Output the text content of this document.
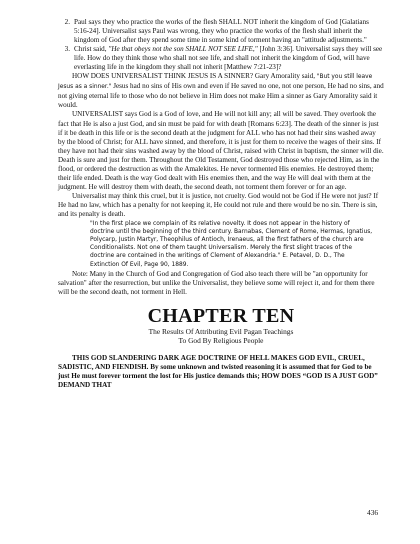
2. Paul says they who practice the works of the flesh SHALL NOT inherit the kingdom of God [Galatians 5:16-24]. Universalist says Paul was wrong, they who practice the works of the flesh shall inherit the kingdom of God after they spend some time in some kind of torment having an "attitude adjustments."
3. Christ said, "He that obeys not the son SHALL NOT SEE LIFE," [John 3:36]. Universalist says they will see life. How do they think those who shall not see life, and shall not inherit the kingdom of God, will have everlasting life in the kingdom they shall not inherit [Matthew 7:21-23]?

HOW DOES UNIVERSALIST THINK JESUS IS A SINNER? Gary Amorality said, "But you still leave Jesus as a sinner." Jesus had no sins of His own and even if He saved no one, not one person, He had no sins, and not giving eternal life to those who do not believe in Him does not make Him a sinner as Gary Amorality said it would.

UNIVERSALIST says God is a God of love, and He will not kill any; all will be saved. They overlook the fact that He is also a just God, and sin must be paid for with death [Romans 6:23]. The death of the sinner is just if it be death in this life or is the second death at the judgment for ALL who has not had their sins washed away by the blood of Christ; for ALL have sinned, and therefore, it is just for them to receive the wages of their sins. If they have not had their sins washed away by the blood of Christ, raised with Christ in baptism, the sinner will die. Death is sure and just for them. Throughout the Old Testament, God destroyed those who rejected Him, as in the flood, or ordered the destruction as with the Amalekites. He never tormented His enemies. He destroyed them; their life ended. Death is the way God dealt with His enemies then, and the way He will deal with them at the judgment. He will destroy them with death, the second death, not torment them forever or for an age.

Universalist may think this cruel, but it is justice, not cruelty. God would not be God if He were not just? If He had no law, which has a penalty for not keeping it, He could not rule and there would be no sin. There is sin, and its penalty is death.

"In the first place we complain of its relative novelty. It does not appear in the history of doctrine until the beginning of the third century. Barnabas, Clement of Rome, Hermas, Ignatius, Polycarp, Justin Martyr, Theophilus of Antioch, Irenaeus, all the first fathers of the church are Conditionalists. Not one of them taught Universalism. Merely the first slight traces of the doctrine are contained in the writings of Clement of Alexandria." E. Petavel, D. D., The Extinction Of Evil, Page 90, 1889.

Note: Many in the Church of God and Congregation of God also teach there will be "an opportunity for salvation" after the resurrection, but unlike the Universalist, they believe some will reject it, and for them there will be the second death, not torment in Hell.

CHAPTER TEN
The Results Of Attributing Evil Pagan Teachings
To God By Religious People

THIS GOD SLANDERING DARK AGE DOCTRINE OF HELL MAKES GOD EVIL, CRUEL, SADISTIC, AND FIENDISH. By some unknown and twisted reasoning it is assumed that for God to be just He must forever torment the lost for His justice demands this; HOW DOES “GOD IS A JUST GOD” DEMAND THAT

436
